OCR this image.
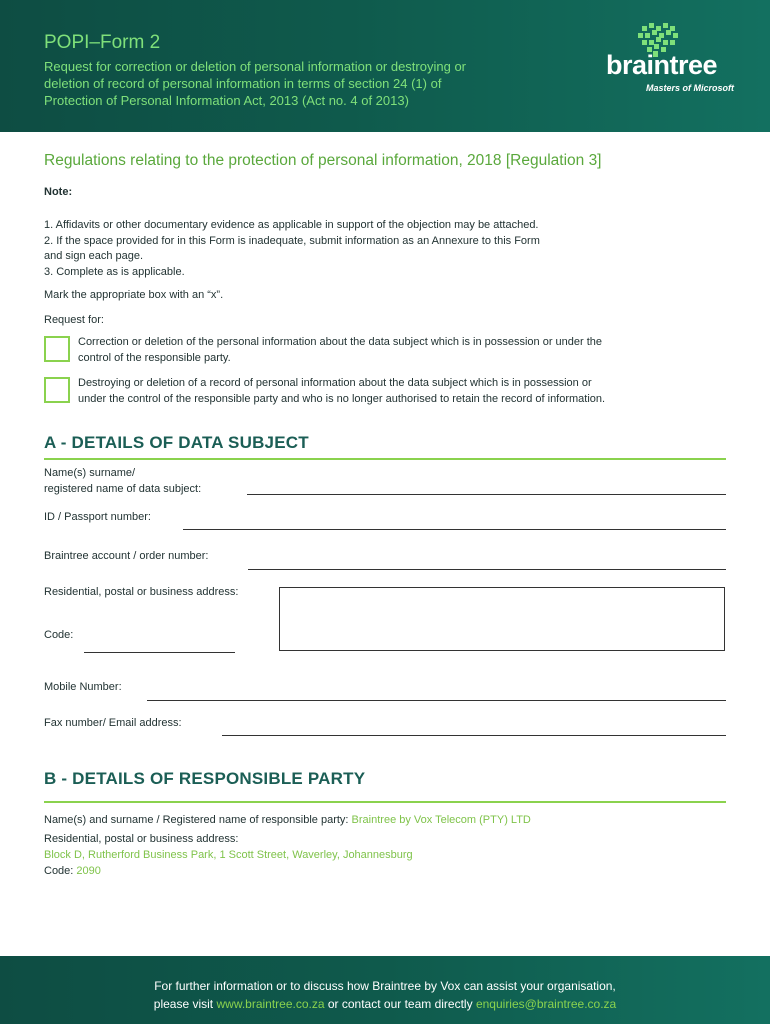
POPI–Form 2
Request for correction or deletion of personal information or destroying or
deletion of record of personal information in terms of section 24 (1) of
Protection of Personal Information Act, 2013 (Act no. 4 of 2013)
braintree
Masters of Microsoft
Regulations relating to the protection of personal information, 2018 [Regulation 3]
Note:
1. Affidavits or other documentary evidence as applicable in support of the objection may be attached.
2. If the space provided for in this Form is inadequate, submit information as an Annexure to this Form
and sign each page.
3. Complete as is applicable.
Mark the appropriate box with an “x”.
Request for:
Correction or deletion of the personal information about the data subject which is in possession or under the
control of the responsible party.
Destroying or deletion of a record of personal information about the data subject which is in possession or
under the control of the responsible party and who is no longer authorised to retain the record of information.
A - DETAILS OF DATA SUBJECT
Name(s) surname/
registered name of data subject:
ID / Passport number:
Braintree account / order number:
Residential, postal or business address:
Code:
Mobile Number:
Fax number/ Email address:
B - DETAILS OF RESPONSIBLE PARTY
Name(s) and surname / Registered name of responsible party: Braintree by Vox Telecom (PTY) LTD
Residential, postal or business address:
Block D, Rutherford Business Park, 1 Scott Street, Waverley, Johannesburg
Code: 2090
For further information or to discuss how Braintree by Vox can assist your organisation,
please visit www.braintree.co.za or contact our team directly enquiries@braintree.co.za
